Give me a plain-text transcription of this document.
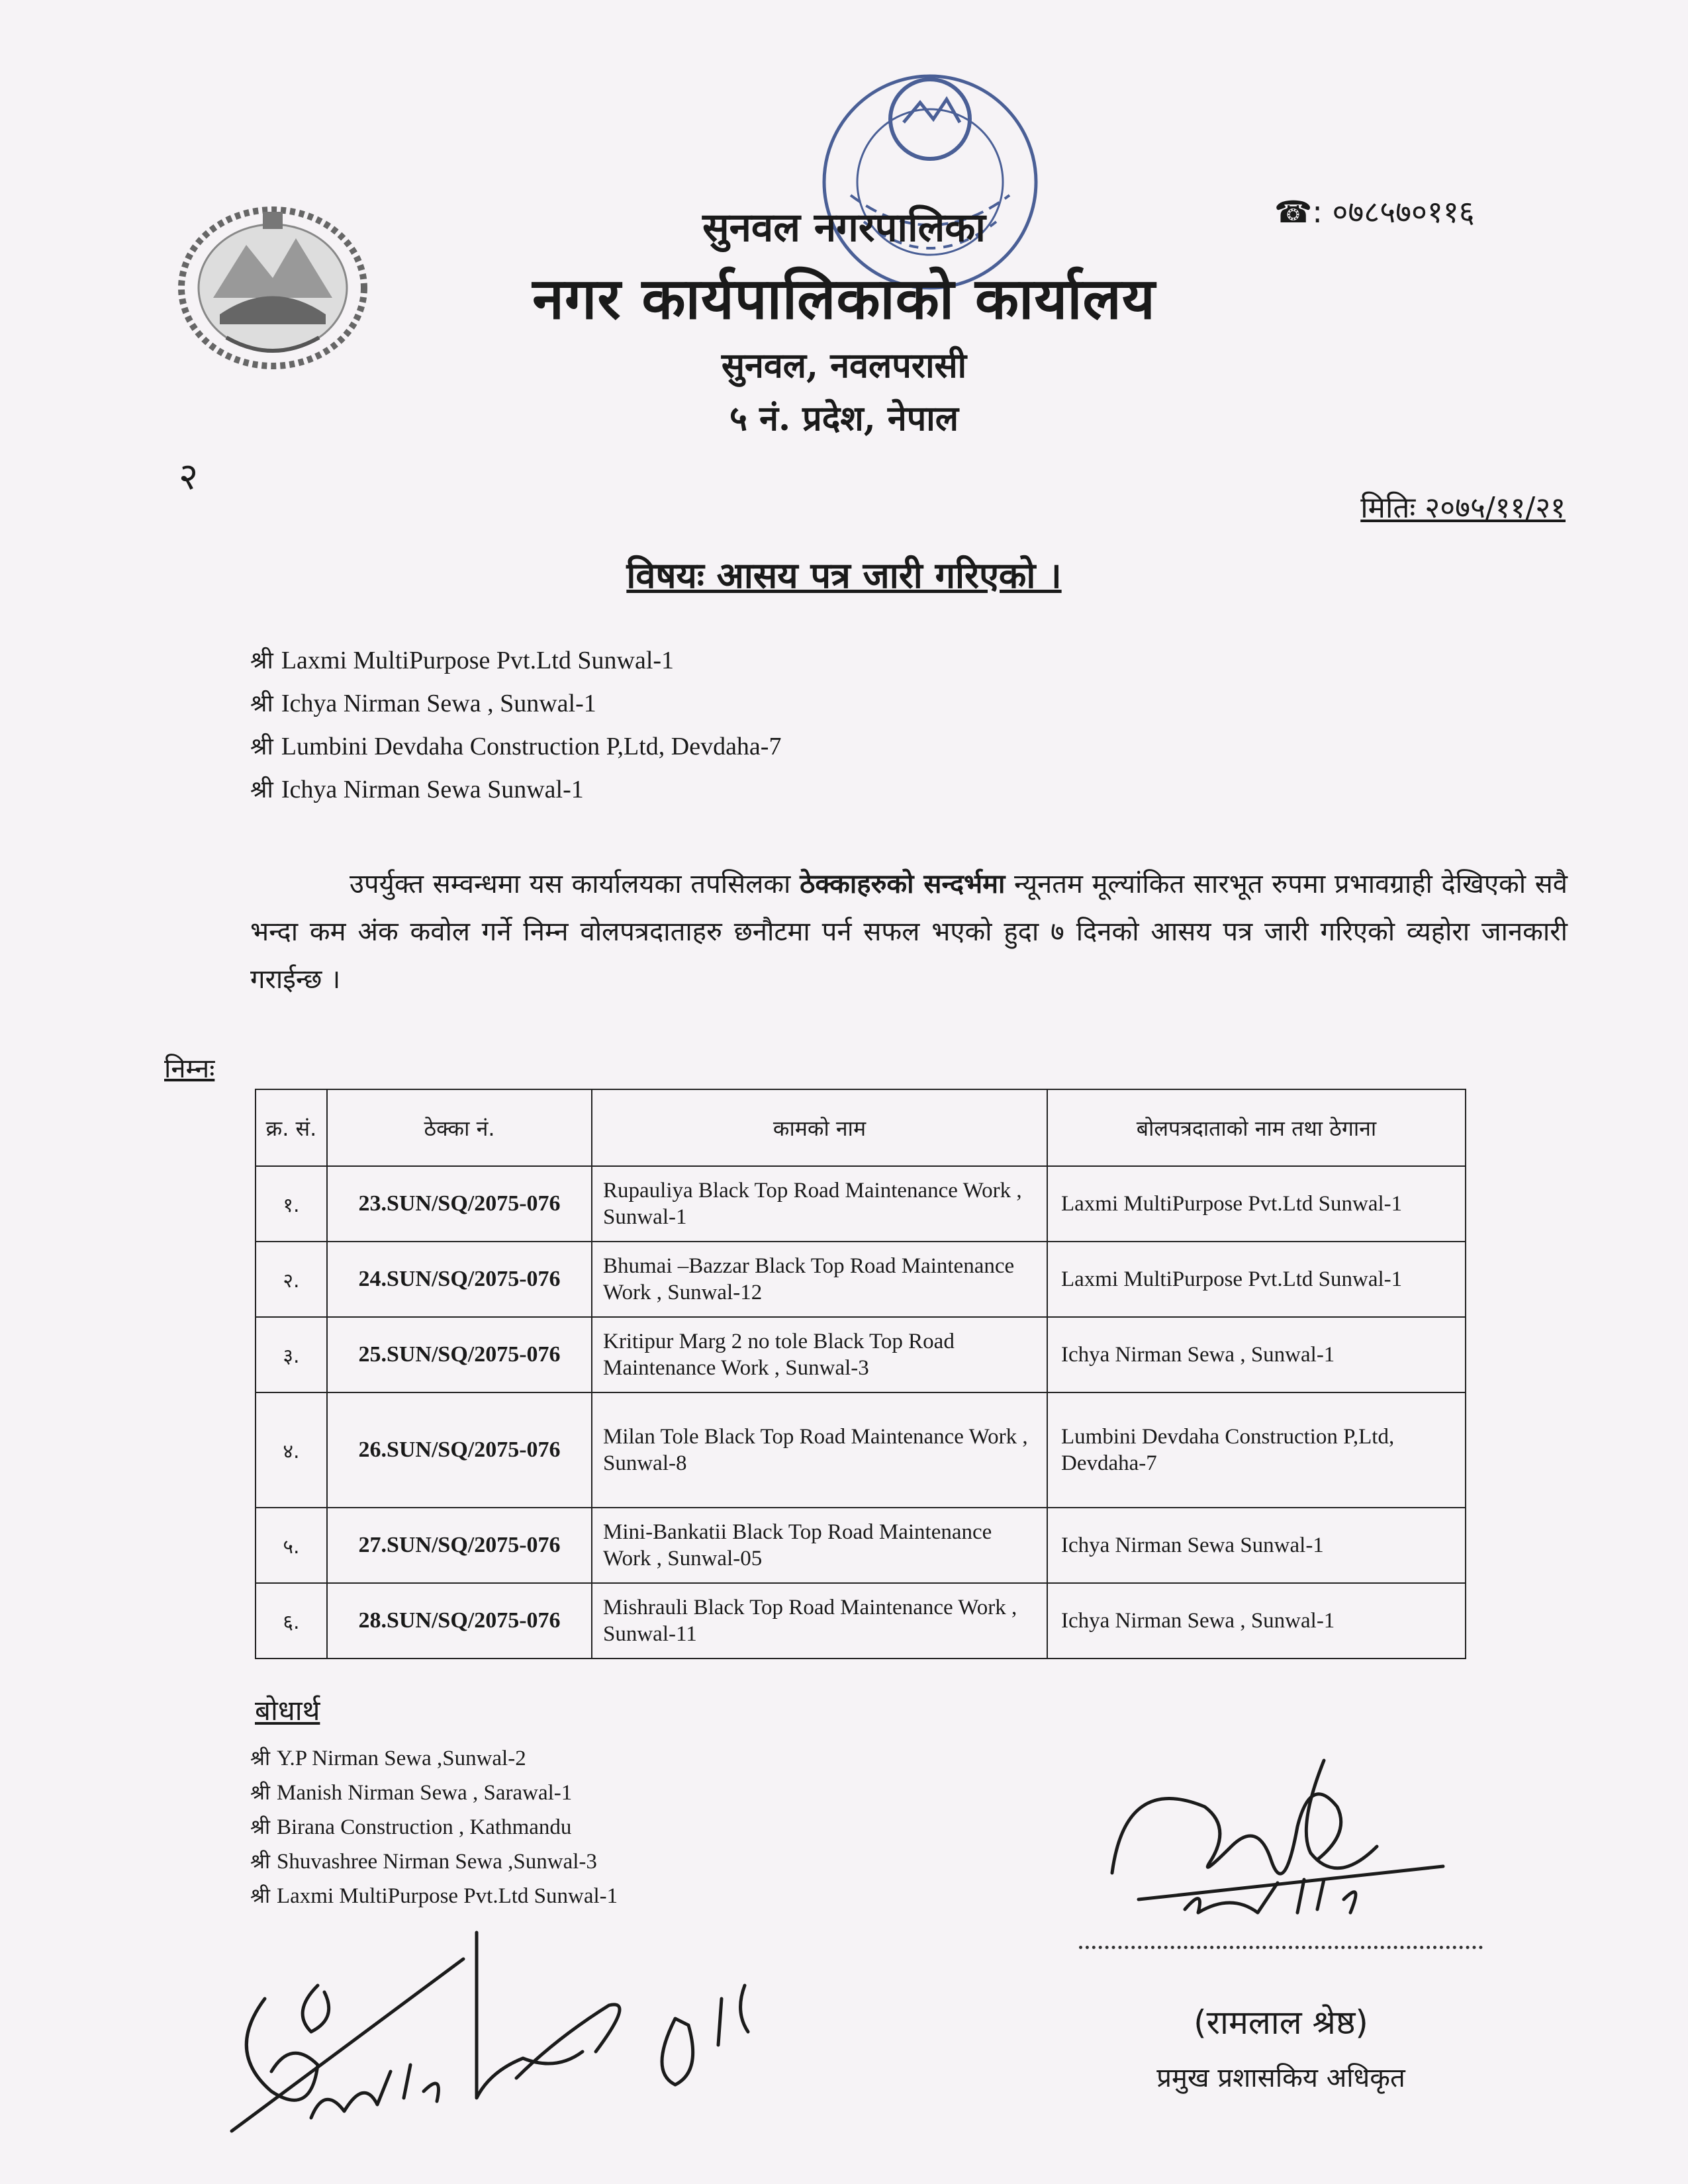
☎: ०७८५७०११६
सुनवल नगरपालिका
नगर कार्यपालिकाको कार्यालय
सुनवल, नवलपरासी
५ नं. प्रदेश, नेपाल
२
मितिः २०७५/११/२१
विषयः आसय पत्र जारी गरिएको ।
श्री Laxmi MultiPurpose Pvt.Ltd Sunwal-1
श्री Ichya Nirman Sewa , Sunwal-1
श्री Lumbini Devdaha Construction P,Ltd, Devdaha-7
श्री Ichya Nirman Sewa Sunwal-1
उपर्युक्त सम्वन्धमा यस कार्यालयका तपसिलका ठेक्काहरुको सन्दर्भमा न्यूनतम मूल्यांकित सारभूत रुपमा प्रभावग्राही देखिएको सवै भन्दा कम अंक कवोल गर्ने निम्न वोलपत्रदाताहरु छनौटमा पर्न सफल भएको हुदा ७ दिनको आसय पत्र जारी गरिएको व्यहोरा जानकारी गराईन्छ ।
निम्नः
क्र. सं.	ठेक्का नं.	कामको नाम	बोलपत्रदाताको नाम तथा ठेगाना
१.	23.SUN/SQ/2075-076	Rupauliya Black Top Road Maintenance Work , Sunwal-1	Laxmi MultiPurpose Pvt.Ltd Sunwal-1
२.	24.SUN/SQ/2075-076	Bhumai –Bazzar Black Top Road Maintenance Work , Sunwal-12	Laxmi MultiPurpose Pvt.Ltd Sunwal-1
३.	25.SUN/SQ/2075-076	Kritipur Marg 2 no tole Black Top Road Maintenance Work , Sunwal-3	Ichya Nirman Sewa , Sunwal-1
४.	26.SUN/SQ/2075-076	Milan Tole Black Top Road Maintenance Work , Sunwal-8	Lumbini Devdaha Construction P,Ltd, Devdaha-7
५.	27.SUN/SQ/2075-076	Mini-Bankatii Black Top Road Maintenance Work , Sunwal-05	Ichya Nirman Sewa Sunwal-1
६.	28.SUN/SQ/2075-076	Mishrauli Black Top Road Maintenance Work , Sunwal-11	Ichya Nirman Sewa , Sunwal-1
बोधार्थ
श्री Y.P Nirman Sewa ,Sunwal-2
श्री Manish Nirman Sewa , Sarawal-1
श्री Birana Construction , Kathmandu
श्री Shuvashree Nirman Sewa ,Sunwal-3
श्री Laxmi MultiPurpose Pvt.Ltd Sunwal-1
(रामलाल श्रेष्ठ)
प्रमुख प्रशासकिय अधिकृत
